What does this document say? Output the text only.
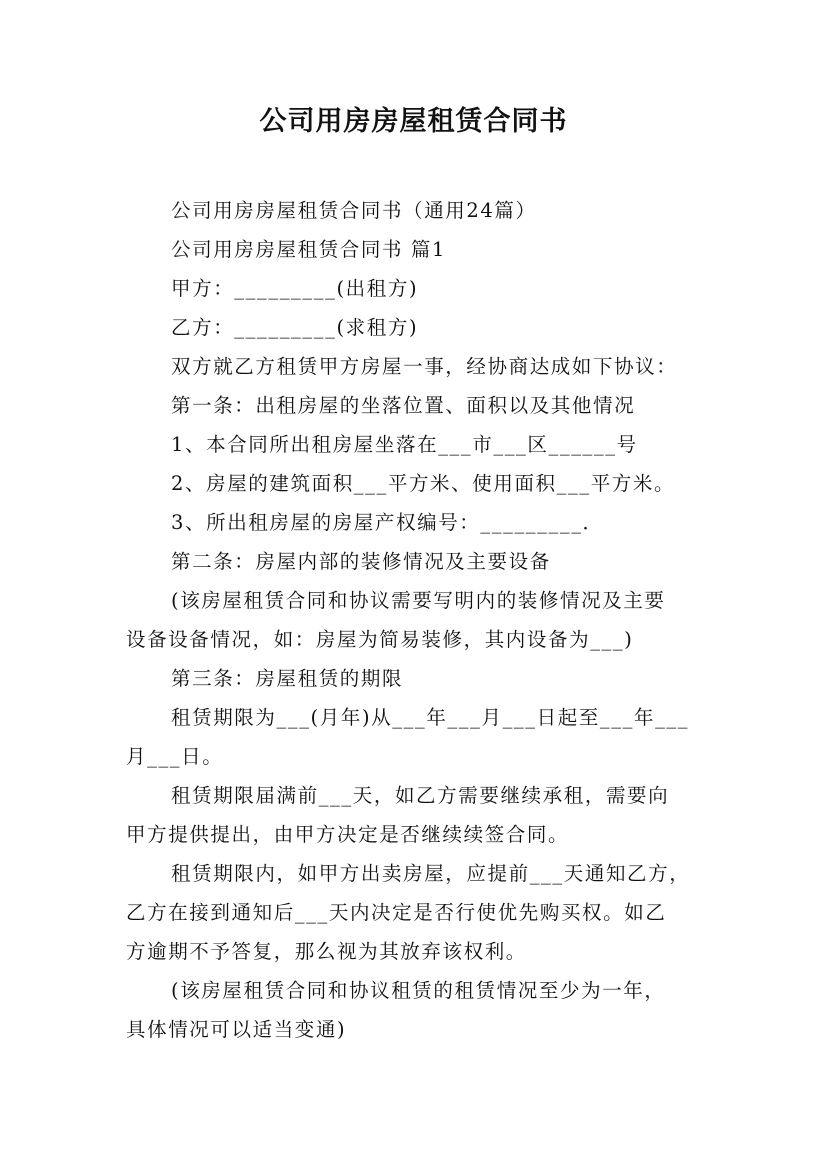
公司用房房屋租赁合同书
公司用房房屋租赁合同书（通用24篇）
公司用房房屋租赁合同书 篇1
甲方：_________(出租方)
乙方：_________(求租方)
双方就乙方租赁甲方房屋一事，经协商达成如下协议：
第一条：出租房屋的坐落位置、面积以及其他情况
1、本合同所出租房屋坐落在___市___区______号
2、房屋的建筑面积___平方米、使用面积___平方米。
3、所出租房屋的房屋产权编号：_________．
第二条：房屋内部的装修情况及主要设备
(该房屋租赁合同和协议需要写明内的装修情况及主要
设备设备情况，如：房屋为简易装修，其内设备为___)
第三条：房屋租赁的期限
租赁期限为___(月年)从___年___月___日起至___年___
月___日。
租赁期限届满前___天，如乙方需要继续承租，需要向
甲方提供提出，由甲方决定是否继续续签合同。
租赁期限内，如甲方出卖房屋，应提前___天通知乙方，
乙方在接到通知后___天内决定是否行使优先购买权。如乙
方逾期不予答复，那么视为其放弃该权利。
(该房屋租赁合同和协议租赁的租赁情况至少为一年，
具体情况可以适当变通)
